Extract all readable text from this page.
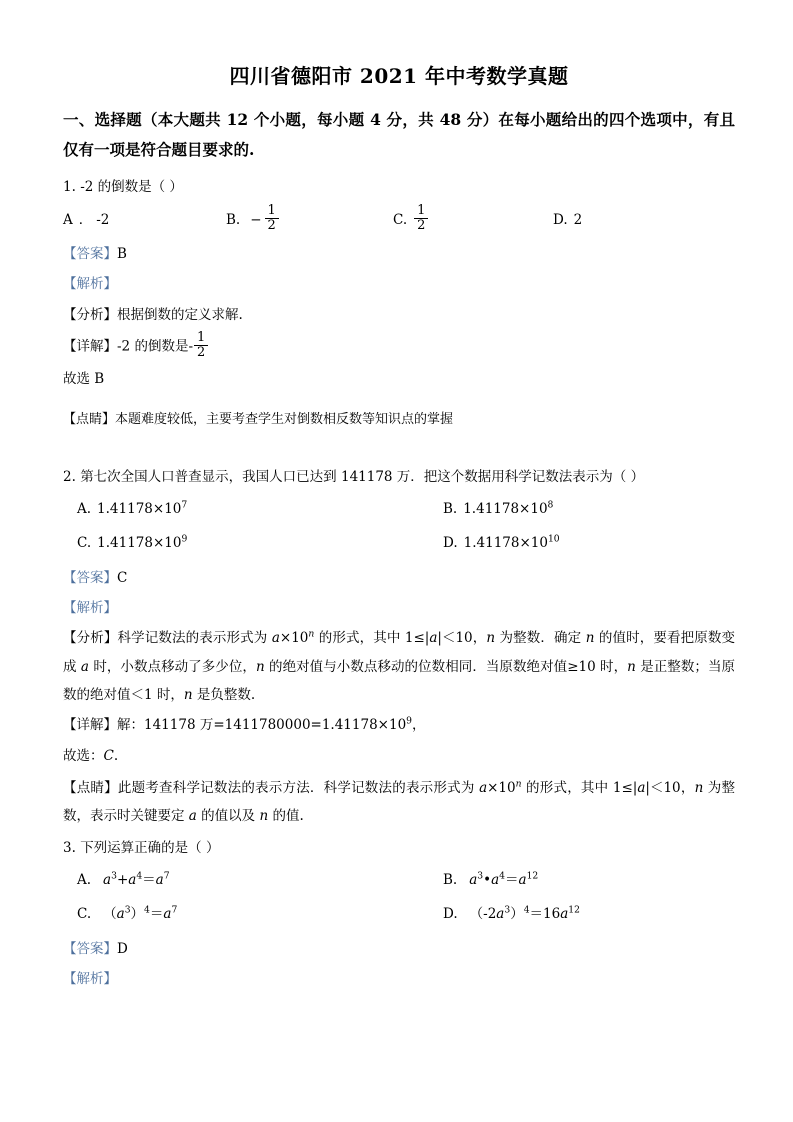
四川省德阳市 2021 年中考数学真题
一、选择题（本大题共 12 个小题，每小题 4 分，共 48 分）在每小题给出的四个选项中，有且仅有一项是符合题目要求的.
1. -2 的倒数是（ ）
A ． -2	B. − $\frac{1}{2}$	C. $\frac{1}{2}$	D. 2
【答案】B
【解析】
【分析】根据倒数的定义求解.
【详解】-2 的倒数是- $\frac{1}{2}$
故选 B
【点睛】本题难度较低，主要考查学生对倒数相反数等知识点的掌握
2. 第七次全国人口普查显示，我国人口已达到 141178 万．把这个数据用科学记数法表示为（ ）
A. $1.41178\times 10^7$	B. $1.41178\times 10^8$
C. $1.41178\times 10^9$	D. $1.41178\times 10^{10}$
【答案】C
【解析】
【分析】科学记数法的表示形式为 $a\times 10^n$ 的形式，其中 1≤|a|＜10，n 为整数．确定 n 的值时，要看把原数变成 a 时，小数点移动了多少位，n 的绝对值与小数点移动的位数相同．当原数绝对值≥10 时，n 是正整数；当原数的绝对值＜1 时，n 是负整数.
【详解】解：141178 万$=1411780000=1.41178\times 10^9$，
故选：C.
【点睛】此题考查科学记数法的表示方法．科学记数法的表示形式为 $a\times 10^n$ 的形式，其中 1≤|a|＜10，n 为整数，表示时关键要定 a 的值以及 n 的值.
3. 下列运算正确的是（ ）
A. $a^3+a^4=a^7$	B. $a^3•a^4=a^{12}$
C. $(a^3)^4=a^7$	D. $(-2a^3)^4=16a^{12}$
【答案】D
【解析】
